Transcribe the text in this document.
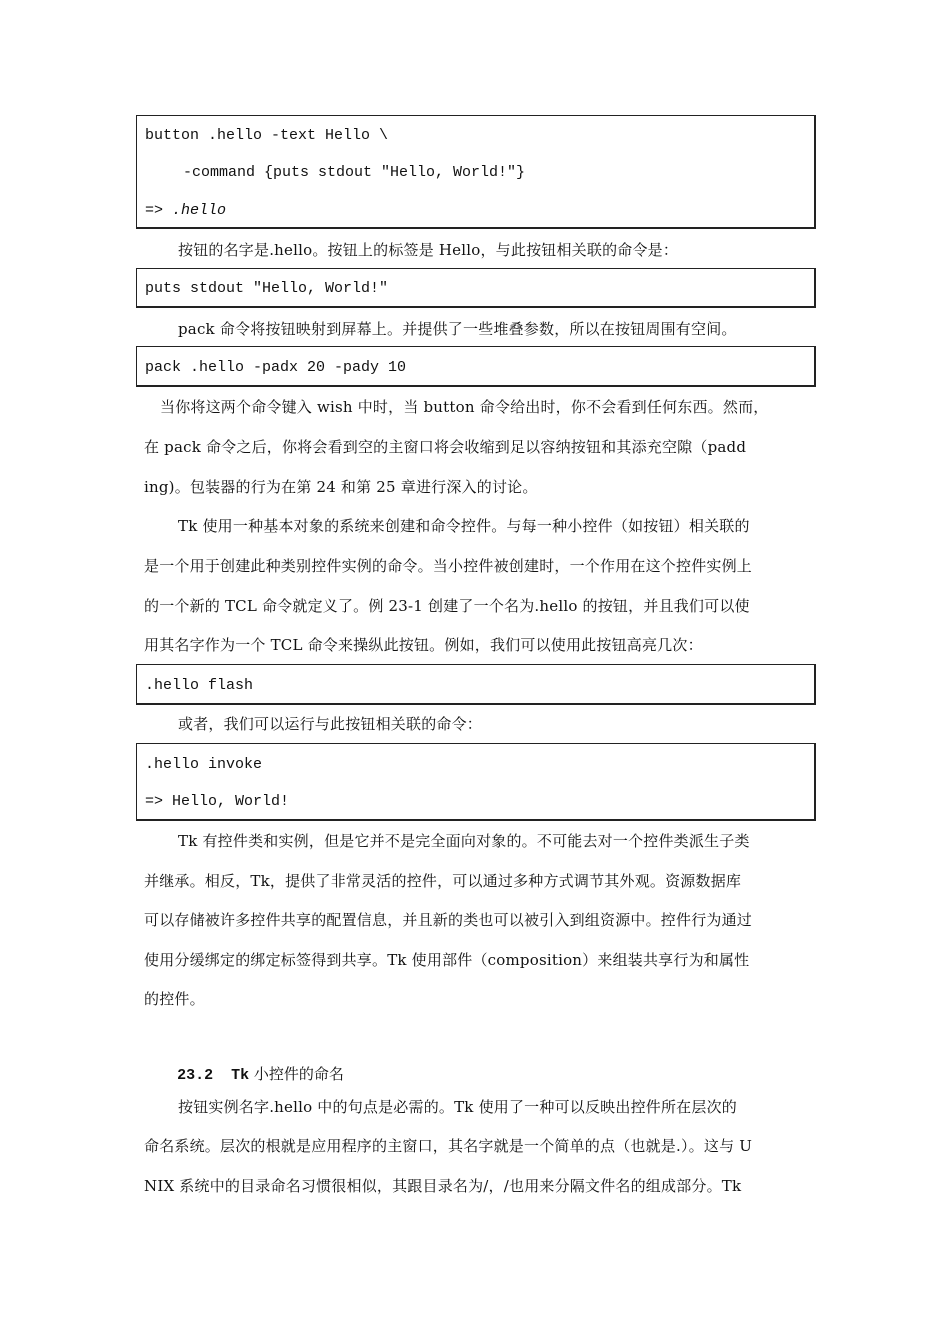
button .hello -text Hello \
-command {puts stdout "Hello, World!"}
=> .hello
按钮的名字是.hello。按钮上的标签是 Hello，与此按钮相关联的命令是：
puts stdout "Hello, World!"
pack 命令将按钮映射到屏幕上。并提供了一些堆叠参数，所以在按钮周围有空间。
pack .hello -padx 20 -pady 10
当你将这两个命令键入 wish 中时，当 button 命令给出时，你不会看到任何东西。然而，
在 pack 命令之后，你将会看到空的主窗口将会收缩到足以容纳按钮和其添充空隙（padd
ing)。包装器的行为在第 24 和第 25 章进行深入的讨论。
Tk 使用一种基本对象的系统来创建和命令控件。与每一种小控件（如按钮）相关联的
是一个用于创建此种类别控件实例的命令。当小控件被创建时，一个作用在这个控件实例上
的一个新的 TCL 命令就定义了。例 23-1 创建了一个名为.hello 的按钮，并且我们可以使
用其名字作为一个 TCL 命令来操纵此按钮。例如，我们可以使用此按钮高亮几次：
.hello flash
或者，我们可以运行与此按钮相关联的命令：
.hello invoke
=> Hello, World!
Tk 有控件类和实例，但是它并不是完全面向对象的。不可能去对一个控件类派生子类
并继承。相反，Tk，提供了非常灵活的控件，可以通过多种方式调节其外观。资源数据库
可以存储被许多控件共享的配置信息，并且新的类也可以被引入到组资源中。控件行为通过
使用分缓绑定的绑定标签得到共享。Tk 使用部件（composition）来组装共享行为和属性
的控件。

23.2  Tk 小控件的命名

按钮实例名字.hello 中的句点是必需的。Tk 使用了一种可以反映出控件所在层次的
命名系统。层次的根就是应用程序的主窗口，其名字就是一个简单的点（也就是.）。这与 U
NIX 系统中的目录命名习惯很相似，其跟目录名为/，/也用来分隔文件名的组成部分。Tk
